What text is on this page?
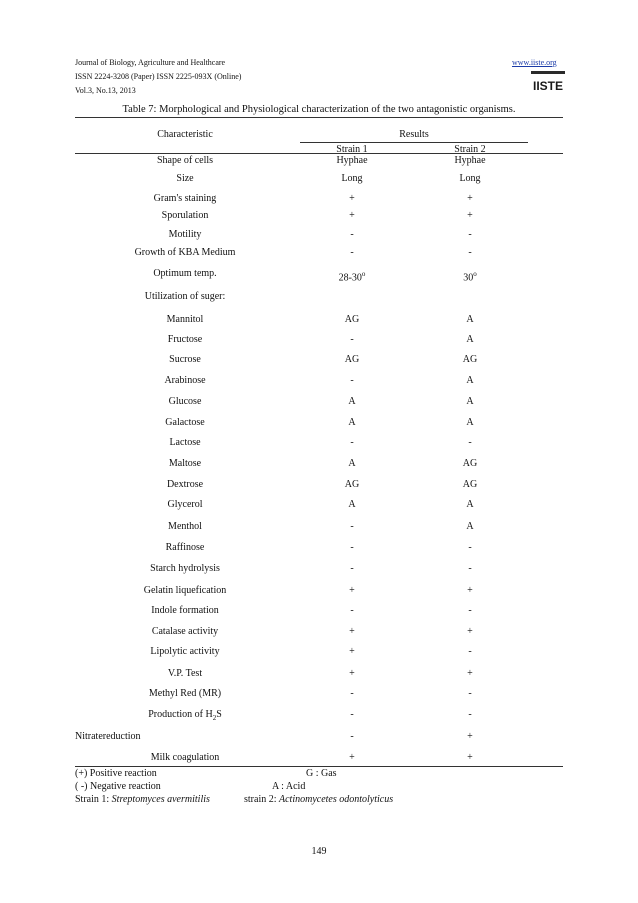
Journal of Biology, Agriculture and Healthcare
ISSN 2224-3208 (Paper) ISSN 2225-093X (Online)
Vol.3, No.13, 2013
www.iiste.org
IISTE
Table 7: Morphological and Physiological characterization of the two antagonistic organisms.
Characteristic	Results
Strain 1	Strain 2
Shape of cells	Hyphae	Hyphae
Size	Long	Long
Gram's staining	+	+
Sporulation	+	+
Motility	-	-
Growth of KBA Medium	-	-
Optimum temp.	28-30$^o$	30$^o$
Utilization of suger:
Mannitol	AG	A
Fructose	-	A
Sucrose	AG	AG
Arabinose	-	A
Glucose	A	A
Galactose	A	A
Lactose	-	-
Maltose	A	AG
Dextrose	AG	AG
Glycerol	A	A
Menthol	-	A
Raffinose	-	-
Starch hydrolysis	-	-
Gelatin liquefication	+	+
Indole formation	-	-
Catalase activity	+	+
Lipolytic activity	+	-
V.P. Test	+	+
Methyl Red (MR)	-	-
Production of $H_2S$	-	-
Nitratereduction	-	+
Milk coagulation	+	+
(+) Positive reaction	G : Gas
( -) Negative reaction	A : Acid
Strain 1: Streptomyces avermitilis	strain 2: Actinomycetes odontolyticus
149
